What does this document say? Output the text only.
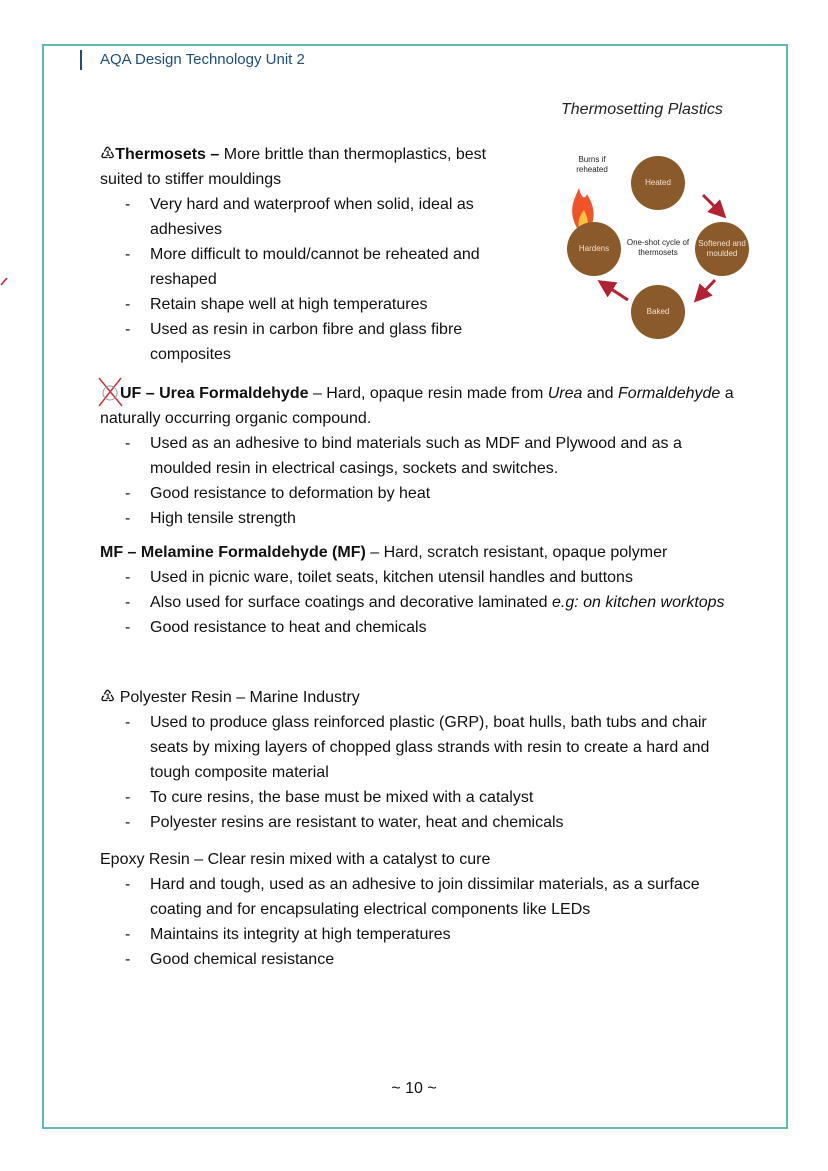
AQA Design Technology Unit 2
Thermosetting Plastics
Burns if reheated
One-shot cycle of thermosets
Heated
Softened and moulded
Baked
Hardens

♳Thermosets – More brittle than thermoplastics, best suited to stiffer mouldings

- Very hard and waterproof when solid, ideal as adhesives
- More difficult to mould/cannot be reheated and reshaped
- Retain shape well at high temperatures
- Used as resin in carbon fibre and glass fibre composites

UF – Urea Formaldehyde – Hard, opaque resin made from Urea and Formaldehyde a naturally occurring organic compound.

- Used as an adhesive to bind materials such as MDF and Plywood and as a moulded resin in electrical casings, sockets and switches.
- Good resistance to deformation by heat
- High tensile strength

MF – Melamine Formaldehyde (MF) – Hard, scratch resistant, opaque polymer

- Used in picnic ware, toilet seats, kitchen utensil handles and buttons
- Also used for surface coatings and decorative laminated e.g: on kitchen worktops
- Good resistance to heat and chemicals

♳ Polyester Resin – Marine Industry

- Used to produce glass reinforced plastic (GRP), boat hulls, bath tubs and chair seats by mixing layers of chopped glass strands with resin to create a hard and tough composite material
- To cure resins, the base must be mixed with a catalyst
- Polyester resins are resistant to water, heat and chemicals

Epoxy Resin – Clear resin mixed with a catalyst to cure

- Hard and tough, used as an adhesive to join dissimilar materials, as a surface coating and for encapsulating electrical components like LEDs
- Maintains its integrity at high temperatures
- Good chemical resistance
~ 10 ~
